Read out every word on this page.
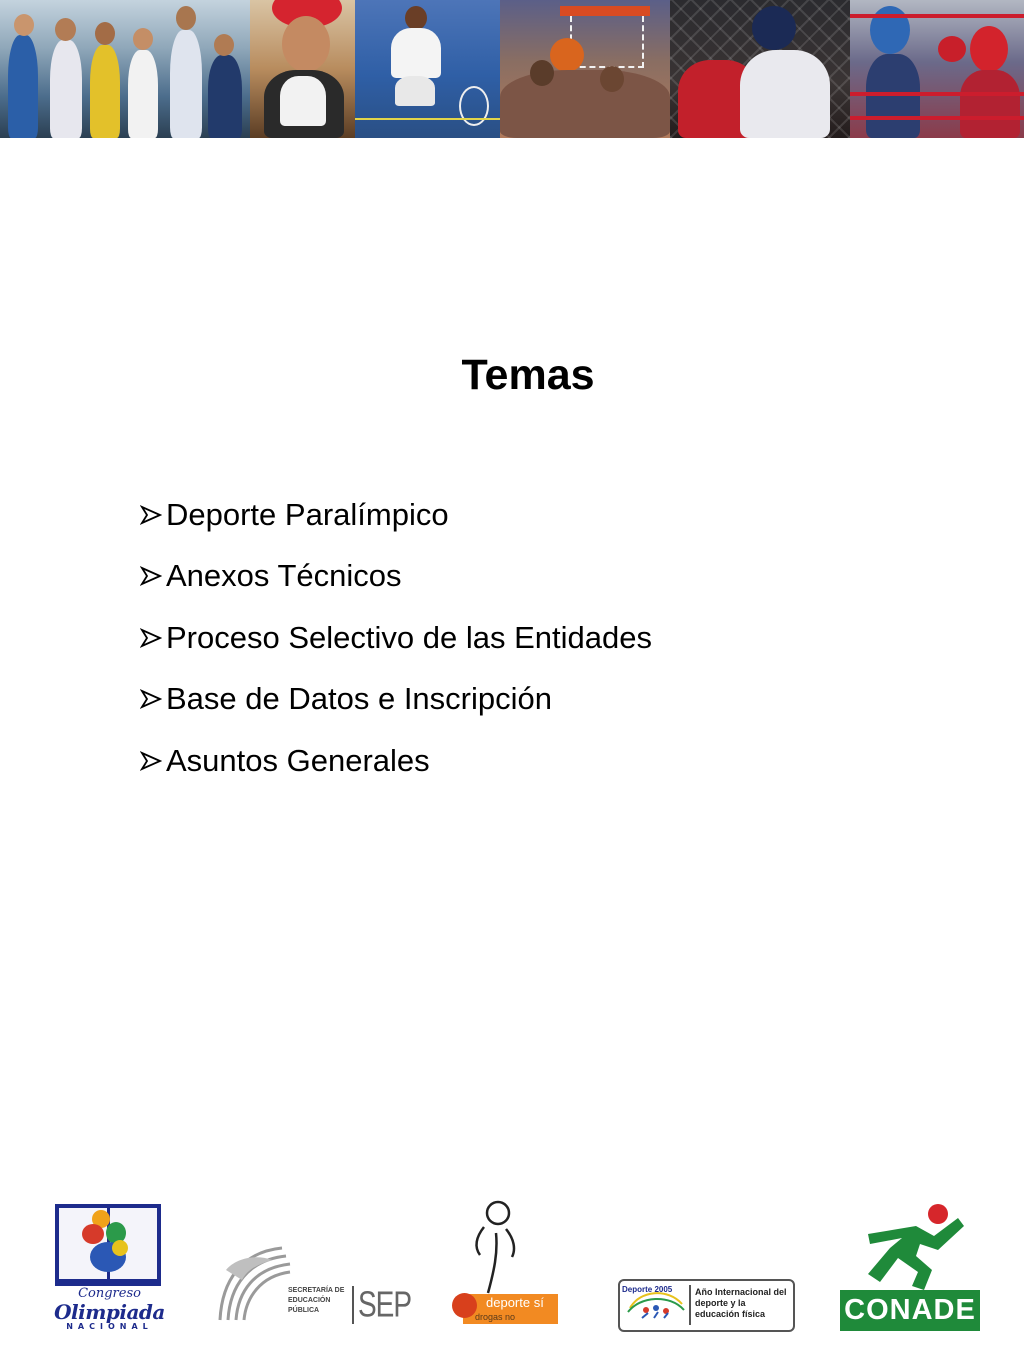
Temas
Deporte Paralímpico
Anexos Técnicos
Proceso Selectivo de las Entidades
Base de Datos e Inscripción
Asuntos Generales
Congreso
Olimpiada
NACIONAL
SECRETARÍA DE EDUCACIÓN PÚBLICA	SEP	deporte sí
drogas no
Deporte 2005	Año Internacional del deporte y la educación física	CONADE
